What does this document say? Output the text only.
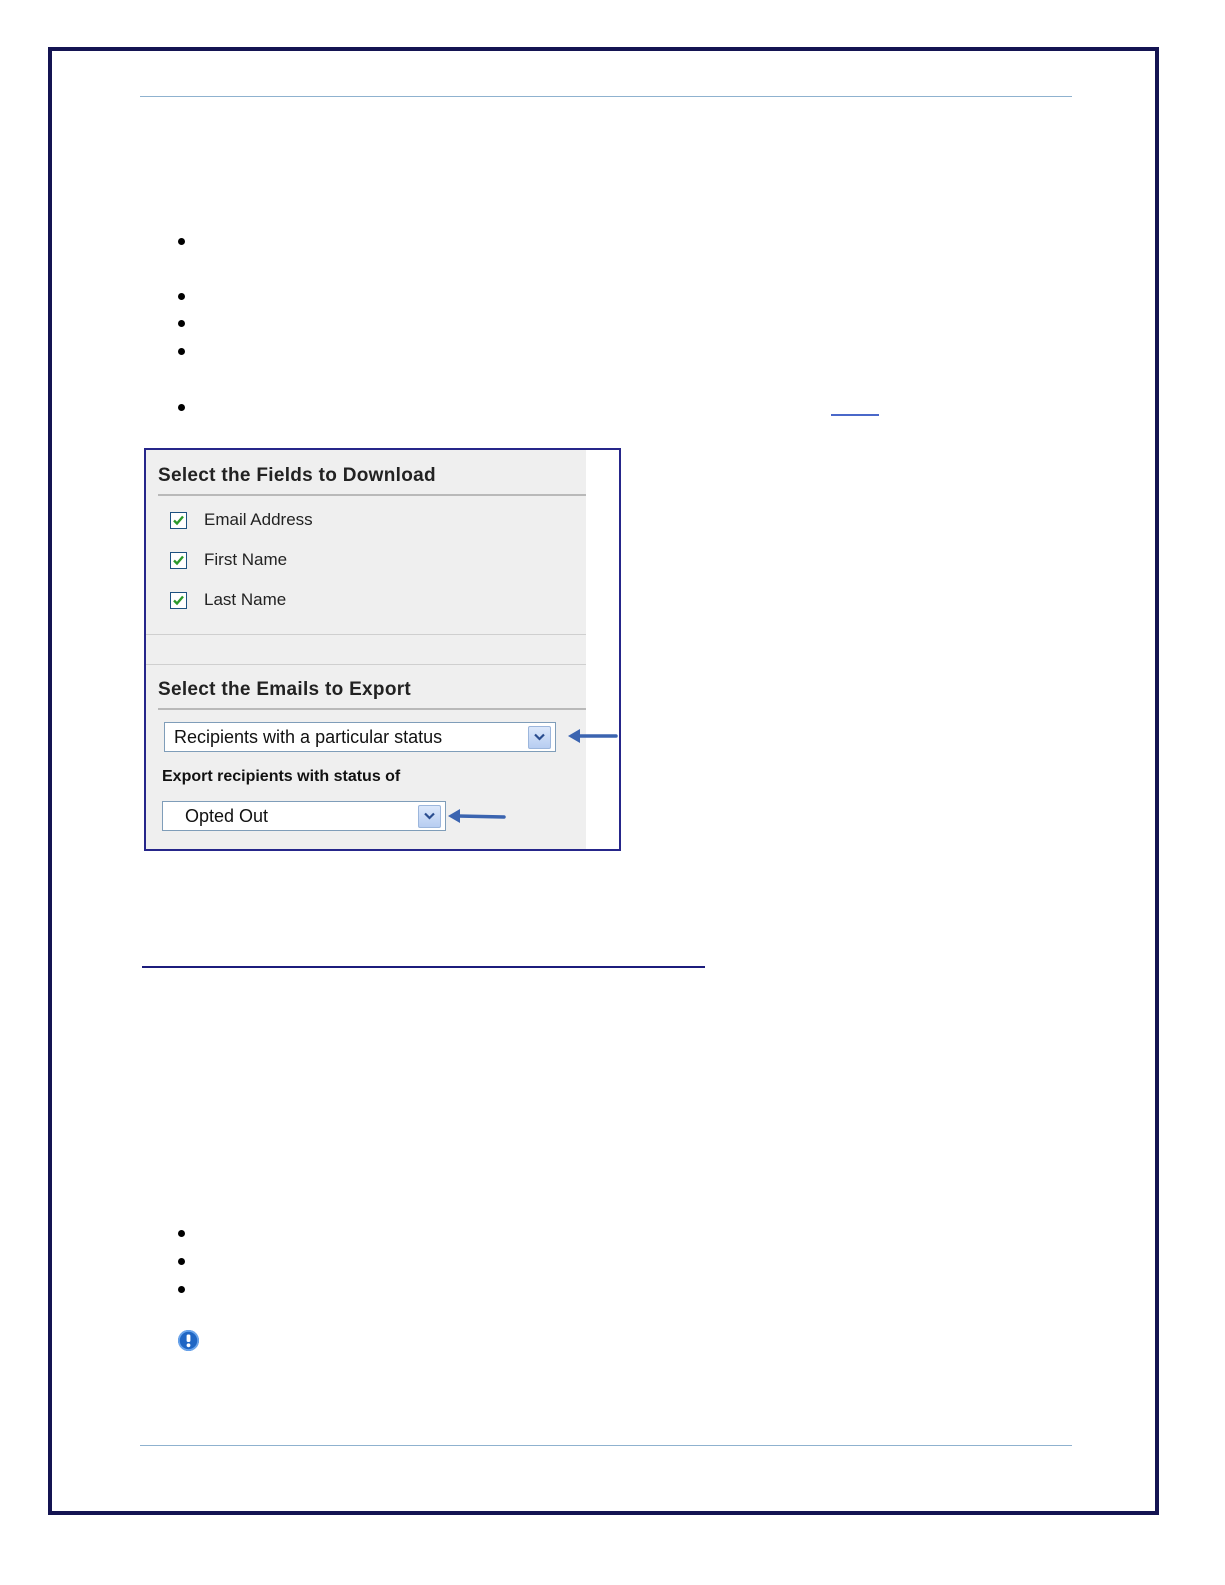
Select the Fields to Download
Email Address
First Name
Last Name
Select the Emails to Export
Recipients with a particular status
Export recipients with status of
Opted Out
